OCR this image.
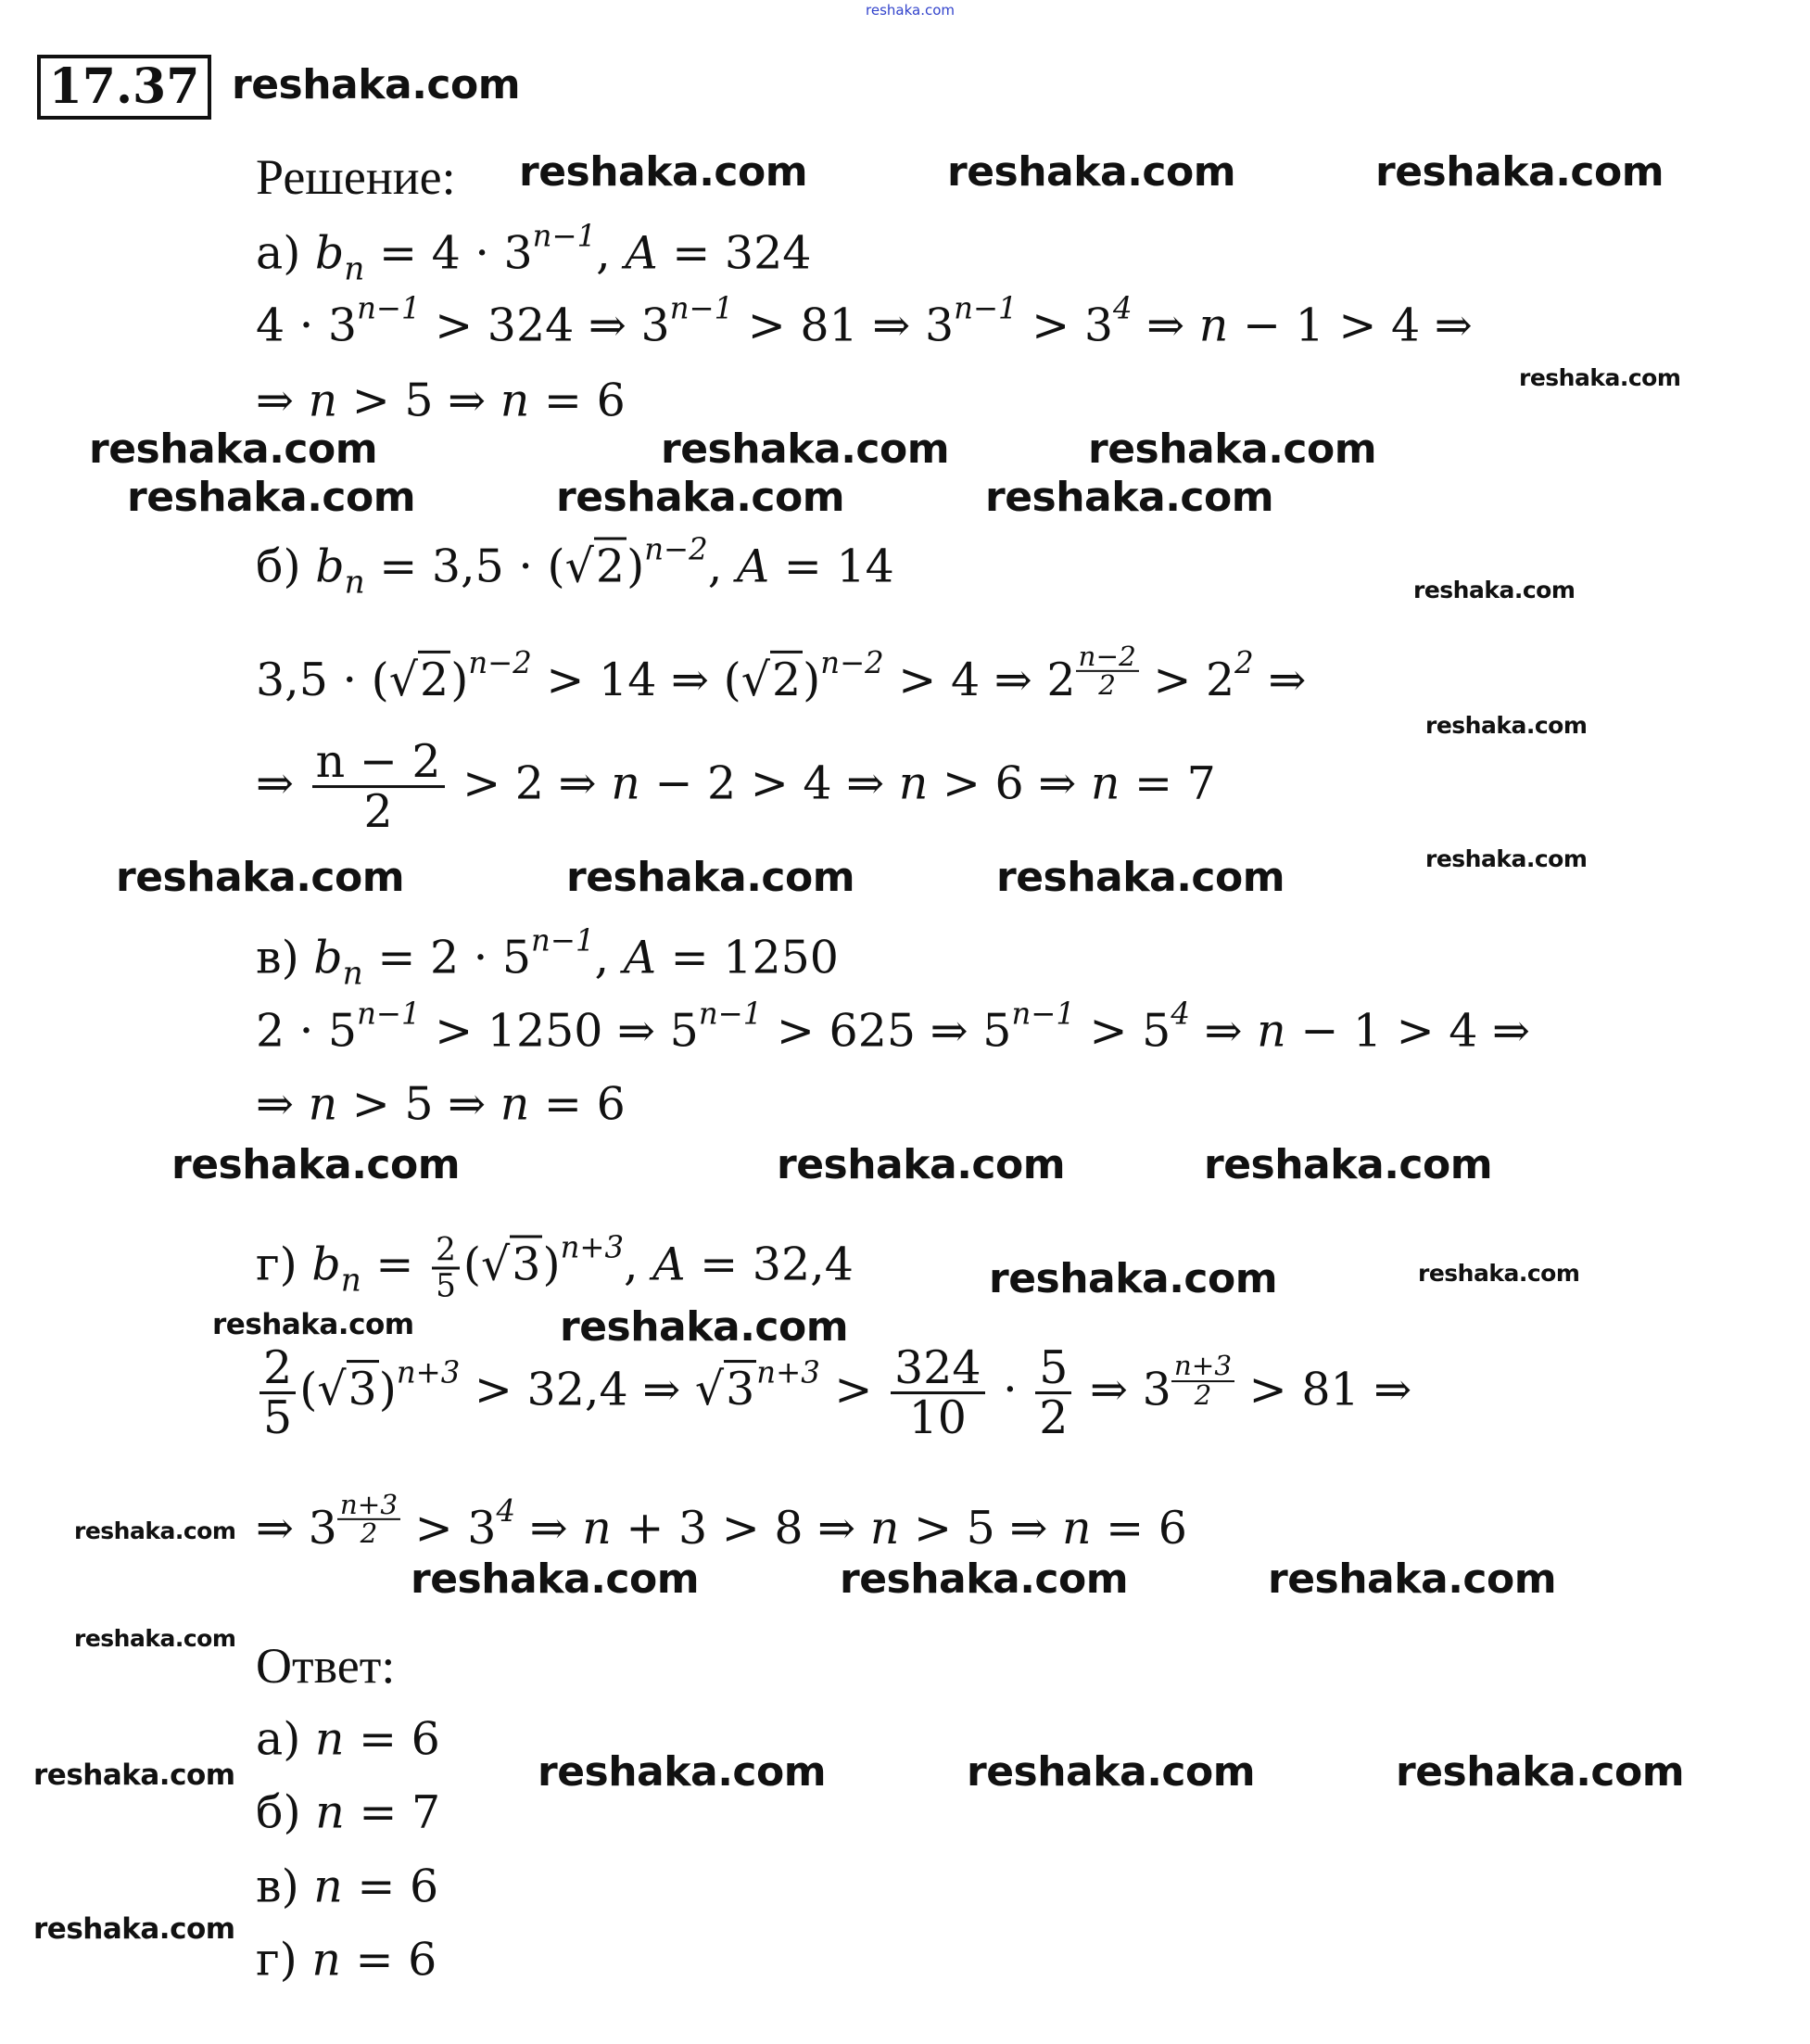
reshaka.com
17.37
Решение:
а) $b_n = 4 \cdot 3^{n-1}$, A = 324
$4 \cdot 3^{n-1} > 324$ ⇒ $3^{n-1} > 81$ ⇒ $3^{n-1} > 3^4$ ⇒ n − 1 > 4 ⇒
⇒ n > 5 ⇒ n = 6
б) $b_n = 3,5 \cdot (√2)^{n-2}$, A = 14
$3,5 \cdot (√2)^{n-2} > 14$ ⇒ $(√2)^{n-2} > 4$ ⇒ $2 \frac{n-2}{2} > 2^2$ ⇒
⇒ $\frac{n - 2}{2} > 2$ ⇒ n − 2 > 4 ⇒ n > 6 ⇒ n = 7
в) $b_n = 2 \cdot 5^{n-1}$, A = 1250
$2 \cdot 5^{n-1} > 1250$ ⇒ $5^{n-1} > 625$ ⇒ $5^{n-1} > 5^4$ ⇒ n − 1 > 4 ⇒
⇒ n > 5 ⇒ n = 6
г) $b_n = \frac{2}{5} (√3)^{n+3}$, A = 32,4
$\frac{2}{5} (√3)^{n+3} > 32,4$ ⇒ $√3^{n+3} > \frac{324}{10} \cdot \frac{5}{2}$ ⇒ $3 \frac{n+3}{2} > 81$ ⇒
⇒ $3 \frac{n+3}{2} > 3^4$ ⇒ n + 3 > 8 ⇒ n > 5 ⇒ n = 6
Ответ:
а) n = 6
б) n = 7
в) n = 6
г) n = 6
reshaka.com
reshaka.com	reshaka.com	reshaka.com
reshaka.com	reshaka.com	reshaka.com
reshaka.com
reshaka.com
reshaka.com
reshaka.com	reshaka.com
reshaka.com
reshaka.com
reshaka.com	reshaka.com	reshaka.com
reshaka.com	reshaka.com	reshaka.com
reshaka.com	reshaka.com
reshaka.com	reshaka.com
reshaka.com
reshaka.com	reshaka.com	reshaka.com
reshaka.com
reshaka.com	reshaka.com	reshaka.com	reshaka.com
reshaka.com
